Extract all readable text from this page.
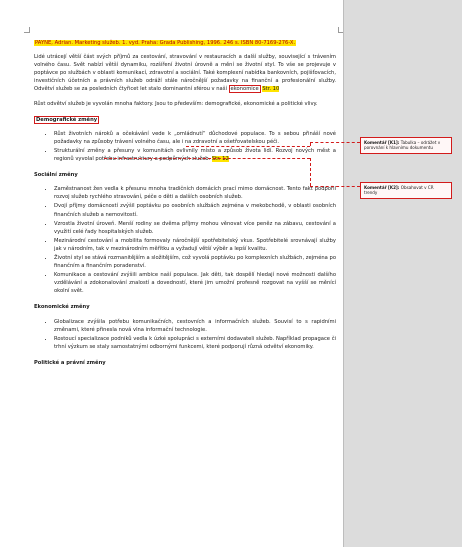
PAYNE, Adrian. Marketing služeb. 1. vyd. Praha: Grada Publishing, 1996. 246 s. ISBN 80-7169-276-X.

Lidé utrácejí větší část svých příjmů za cestování, stravování v restauracích a další služby, související s trávením volného času. Svět nabízí větší dynamiku, rozšíření životní úrovně a mění se životní styl. To vše se projevuje v poptávce po službách v oblasti komunikací, zdravotní a sociální. Také komplexní nabídka bankovních, pojišťovacích, investičních účetních a právních služeb odráží stále náročnější požadavky na finanční a profesionální služby. Odvětví služeb se za posledních čtyřicet let stalo dominantní sférou v naší ekonomice Str. 10

Růst odvětví služeb je vyvolán mnoha faktory. Jsou to především: demografické, ekonomické a politické vlivy.

Demografické změny
• Růst životních nároků a očekávání vede k „omládnutí“ důchodové populace. To s sebou přináší nové požadavky na způsoby trávení volného času, ale i na zdravotní a ošetřovatelskou péči.
• Strukturální změny a přesuny v komunitách ovlivnily místo a způsob života lidí. Rozvoj nových měst a regionů vyvolal potřebu infrastruktury a podpůrných služeb. Str. 12
Sociální změny
• Zaměstnanost žen vedla k přesunu mnoha tradičních domácích prací mimo domácnost. Tento fakt podpořil rozvoj služeb rychlého stravování, péče o děti a dalších osobních služeb.
• Dvojí příjmy domácností zvýšil poptávku po osobních službách zejména v mekobchodě, v oblasti osobních finančních služeb a nemovitostí.
• Vzrostla životní úroveň. Menší rodiny se dvěma příjmy mohou věnovat více peněz na zábavu, cestování a využití celé řady hospitalských služeb.
• Mezinárodní cestování a mobilita formovaly náročnější spotřebitelský vkus. Spotřebitelé srovnávají služby jak v národním, tak v mezinárodním měřítku a vyžadují větší výběr a lepší kvalitu.
• Životní styl se stává rozmanitějším a složitějším, což vyvolá poptávku po komplexních službách, zejména po finančním a finančním poradenství.
• Komunikace a cestování zvýšili ambice naší populace. Jak děti, tak dospělí hledají nové možnosti dalšího vzdělávání a zdokonalování znalostí a dovedností, které jim umožní profesně rozgovat na vyšší se měnící okolní svět.
Ekonomické změny
• Globalizace zvýšila potřebu komunikačních, cestovních a informačních služeb. Souvisí to s rapidními změnami, které přinesla nová vlna informační technologie.
• Rostoucí specializace podniků vedla k úzké spolupráci s externími dodavateli služeb. Například propagace či trhní výzkum se staly samostatnými odbornými funkcemi, které podporují různá odvětví ekonomiky.
Politické a právní změny
Komentář [K1]: Tabulka – odrážet v porovnání k hlavnímu dokumentu
Komentář [K2]: Obsahovat v CR trendy
